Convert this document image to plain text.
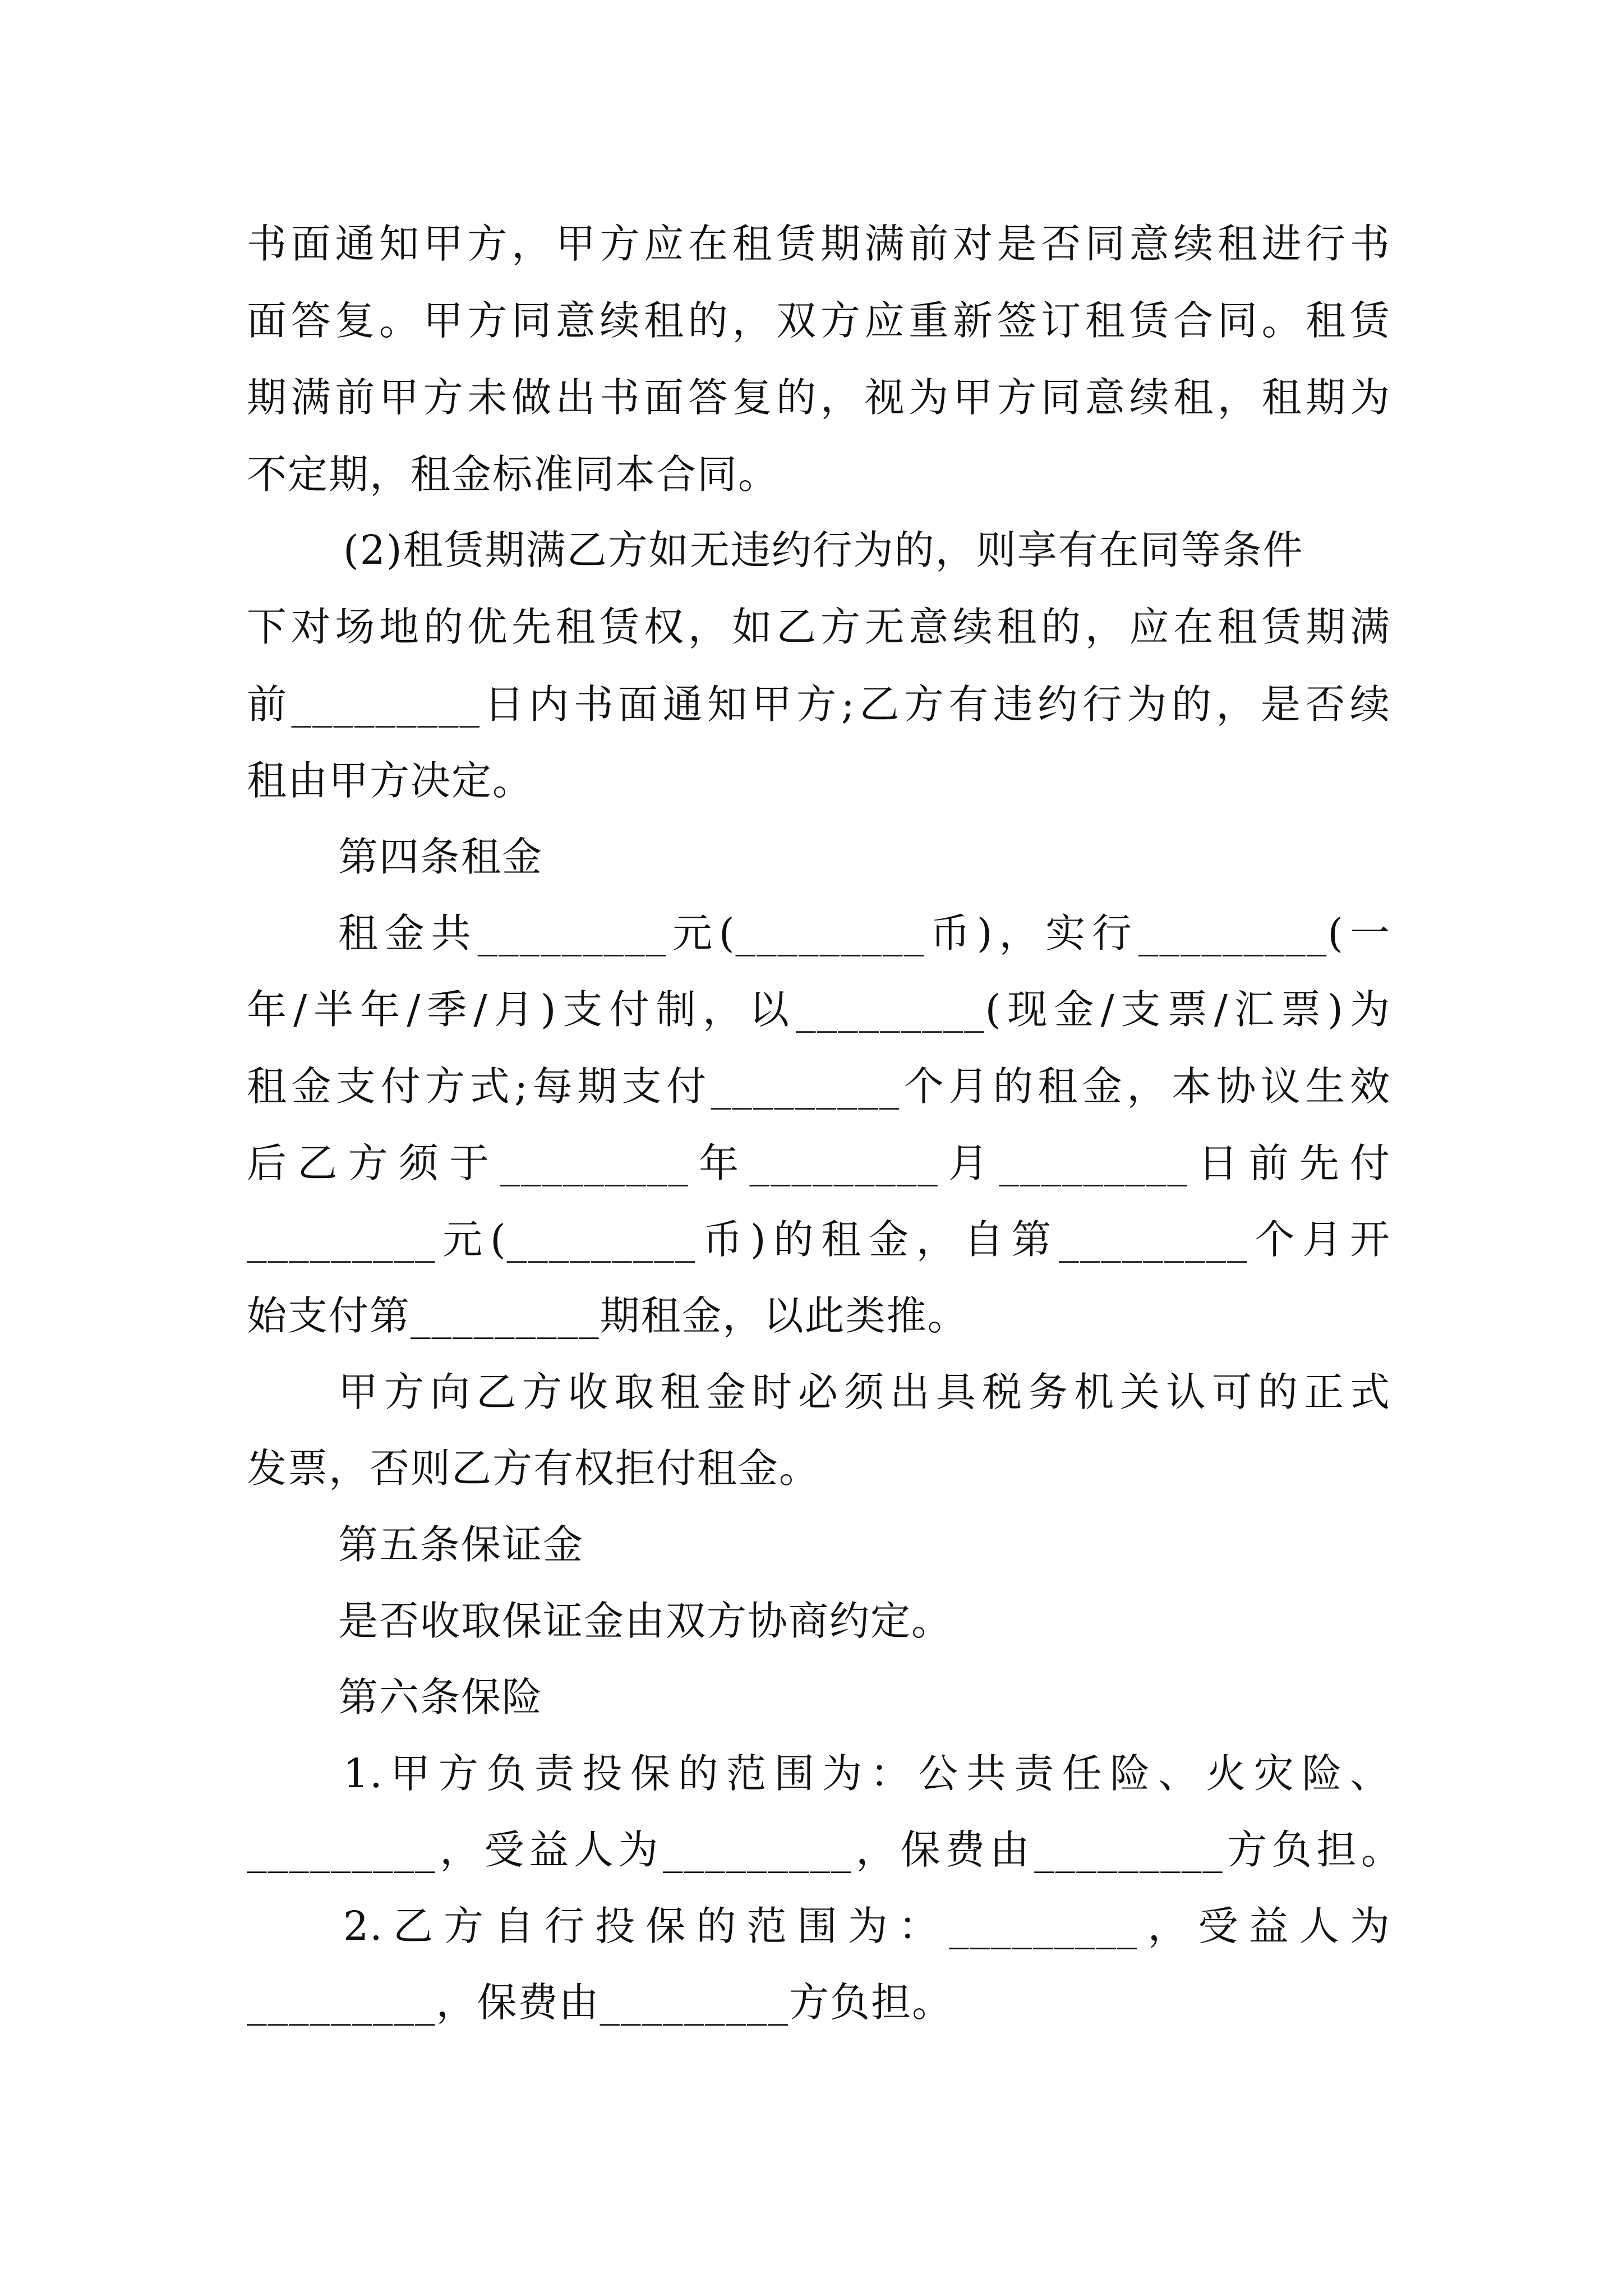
书面通知甲方，甲方应在租赁期满前对是否同意续租进行书
面答复。甲方同意续租的，双方应重新签订租赁合同。租赁
期满前甲方未做出书面答复的，视为甲方同意续租，租期为
不定期，租金标准同本合同。
(2)租赁期满乙方如无违约行为的，则享有在同等条件
下对场地的优先租赁权，如乙方无意续租的，应在租赁期满
前_________日内书面通知甲方;乙方有违约行为的，是否续
租由甲方决定。
第四条租金
租金共_________元(_________币)，实行_________(一
年/半年/季/月)支付制，以_________(现金/支票/汇票)为
租金支付方式;每期支付_________个月的租金，本协议生效
后乙方须于_________年_________月_________日前先付
_________元(_________币)的租金，自第_________个月开
始支付第_________期租金，以此类推。
甲方向乙方收取租金时必须出具税务机关认可的正式
发票，否则乙方有权拒付租金。
第五条保证金
是否收取保证金由双方协商约定。
第六条保险
1.甲方负责投保的范围为：公共责任险、火灾险、
_________，受益人为_________，保费由_________方负担。
2.乙方自行投保的范围为：_________，受益人为
_________，保费由_________方负担。
